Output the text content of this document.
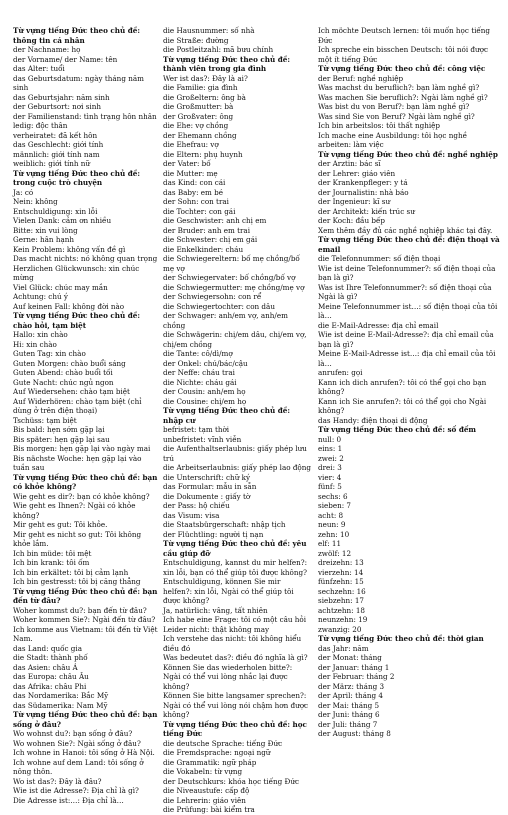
Từ vựng tiếng Đức theo chủ đề: thông tin cá nhân
der Nachname: họ
der Vorname/ der Name: tên
das Alter: tuổi
das Geburtsdatum: ngày tháng năm sinh
das Geburtsjahr: năm sinh
der Geburtsort: nơi sinh
der Familienstand: tình trạng hôn nhân
ledig: độc thân
verheiratet: đã kết hôn
das Geschlecht: giới tính
männlich: giới tính nam
weiblich: giới tính nữ
Từ vựng tiếng Đức theo chủ đề: trong cuộc trò chuyện
Ja: có
Nein: không
Entschuldigung: xin lỗi
Vielen Dank: cảm ơn nhiều
Bitte: xin vui lòng
Gerne: hân hạnh
Kein Problem: không vấn đề gì
Das macht nichts: nó không quan trọng
Herzlichen Glückwunsch: xin chúc mừng
Viel Glück: chúc may mắn
Achtung: chú ý
Auf keinen Fall: không đời nào
Từ vựng tiếng Đức theo chủ đề: chào hỏi, tạm biệt
Hallo: xin chào
Hi: xin chào
Guten Tag: xin chào
Guten Morgen: chào buổi sáng
Guten Abend: chào buổi tối
Gute Nacht: chúc ngủ ngon
Auf Wiedersehen: chào tạm biệt
Auf Widerhören: chào tạm biệt (chỉ dùng ở trên điện thoại)
Tschüss: tạm biệt
Bis bald: hẹn sớm gặp lại
Bis später: hẹn gặp lại sau
Bis morgen: hẹn gặp lại vào ngày mai
Bis nächste Woche: hẹn gặp lại vào tuần sau
Từ vựng tiếng Đức theo chủ đề: bạn có khỏe không?
Wie geht es dir?: bạn có khỏe không?
Wie geht es Ihnen?: Ngài có khỏe không?
Mir geht es gut: Tôi khỏe.
Mir geht es nicht so gut: Tôi không khỏe lắm.
Ich bin müde: tôi mệt
Ich bin krank: tôi ốm
Ich bin erkältet: tôi bị cảm lạnh
Ich bin gestresst: tôi bị căng thẳng
Từ vựng tiếng Đức theo chủ đề: bạn đến từ đâu?
Woher kommst du?: bạn đến từ đâu?
Woher kommen Sie?: Ngài đến từ đâu?
Ich komme aus Vietnam: tôi đến từ Việt Nam.
das Land: quốc gia
die Stadt: thành phố
das Asien: châu Á
das Europa: châu Âu
das Afrika: châu Phi
das Nordamerika: Bắc Mỹ
das Südamerika: Nam Mỹ
Từ vựng tiếng Đức theo chủ đề: bạn sống ở đâu?
Wo wohnst du?: bạn sống ở đâu?
Wo wohnen Sie?: Ngài sống ở đâu?
Ich wohne in Hanoi: tôi sống ở Hà Nội.
Ich wohne auf dem Land: tôi sống ở nông thôn.
Wo ist das?: Đây là đâu?
Wie ist die Adresse?: Địa chỉ là gì?
Die Adresse ist:…: Địa chỉ là…
die Hausnummer: số nhà
die Straße: đường
die Postleitzahl: mã bưu chính
Từ vựng tiếng Đức theo chủ đề: thành viên trong gia đình
Wer ist das?: Đây là ai?
die Familie: gia đình
die Großeltern: ông bà
die Großmutter: bà
der Großvater: ông
die Ehe: vợ chồng
der Ehemann chồng
die Ehefrau: vợ
die Eltern: phụ huynh
der Vater: bố
die Mutter: mẹ
das Kind: con cái
das Baby: em bé
der Sohn: con trai
die Tochter: con gái
die Geschwister: anh chị em
der Bruder: anh em trai
die Schwester: chị em gái
die Enkelkinder: cháu
die Schwiegereltern: bố mẹ chồng/bố mẹ vợ
der Schwiegervater: bố chồng/bố vợ
die Schwiegermutter: mẹ chồng/mẹ vợ
der Schwiegersohn: con rể
die Schwiegertochter: con dâu
der Schwager: anh/em vợ, anh/em chồng
die Schwägerin: chị/em dâu, chị/em vợ, chị/em chồng
die Tante: cô/dì/mợ
der Onkel: chú/bác/cậu
der Neffe: cháu trai
die Nichte: cháu gái
der Cousin: anh/em họ
die Cousine: chị/em họ
Từ vựng tiếng Đức theo chủ đề: nhập cư
befristet: tạm thời
unbefristet: vĩnh viễn
die Aufenthaltserlaubnis: giấy phép lưu trú
die Arbeitserlaubnis: giấy phép lao động
die Unterschrift: chữ ký
das Formular: mẫu in sẵn
die Dokumente : giấy tờ
der Pass: hộ chiếu
das Visum: visa
die Staatsbürgerschaft: nhập tịch
der Flüchtling: người tị nạn
Từ vựng tiếng Đức theo chủ đề: yêu cầu giúp đỡ
Entschuldigung, kannst du mir helfen?: xin lỗi, bạn có thể giúp tôi được không?
Entschuldigung, können Sie mir helfen?: xin lỗi, Ngài có thể giúp tôi được không?
Ja, natürlich: vâng, tất nhiên
Ich habe eine Frage: tôi có một câu hỏi
Leider nicht: thật không may
Ich verstehe das nicht: tôi không hiểu điều đó
Was bedeutet das?: điều đó nghĩa là gì?
Können Sie das wiederholen bitte?: Ngài có thể vui lòng nhắc lại được không?
Können Sie bitte langsamer sprechen?: Ngài có thể vui lòng nói chậm hơn được không?
Từ vựng tiếng Đức theo chủ đề: học tiếng Đức
die deutsche Sprache: tiếng Đức
die Fremdsprache: ngoại ngữ
die Grammatik: ngữ pháp
die Vokabeln: từ vựng
der Deutschkurs: khóa học tiếng Đức
die Niveaustufe: cấp độ
die Lehrerin: giáo viên
die Prüfung: bài kiểm tra
Ich möchte Deutsch lernen: tôi muốn học tiếng Đức
Ich spreche ein bisschen Deutsch: tôi nói được một ít tiếng Đức
Từ vựng tiếng Đức theo chủ đề: công việc
der Beruf: nghề nghiệp
Was machst du beruflich?: bạn làm nghề gì?
Was machen Sie beruflich?: Ngài làm nghề gì?
Was bist du von Beruf?: bạn làm nghề gì?
Was sind Sie von Beruf? Ngài làm nghề gì?
Ich bin arbeitslos: tôi thất nghiệp
Ich mache eine Ausbildung: tôi học nghề
arbeiten: làm việc
Từ vựng tiếng Đức theo chủ đề: nghề nghiệp
der Arztin: bác sĩ
der Lehrer: giáo viên
der Krankenpfleger: y tá
der Journalistin: nhà báo
der Ingenieur: kĩ sư
der Architekt: kiến trúc sư
der Koch: đầu bếp
Xem thêm đầy đủ các nghề nghiệp khác tại đây.
Từ vựng tiếng Đức theo chủ đề: điện thoại và email
die Telefonnummer: số điện thoại
Wie ist deine Telefonnummer?: số điện thoại của bạn là gì?
Was ist Ihre Telefonnummer?: số điện thoại của Ngài là gì?
Meine Telefonnummer ist…: số điện thoại của tôi là…
die E-Mail-Adresse: địa chỉ email
Wie ist deine E-Mail-Adresse?: địa chỉ email của bạn là gì?
Meine E-Mail-Adresse ist…: địa chỉ email của tôi là…
anrufen: gọi
Kann ich dich anrufen?: tôi có thể gọi cho bạn không?
Kann ich Sie anrufen?: tôi có thể gọi cho Ngài không?
das Handy: điện thoại di động
Từ vựng tiếng Đức theo chủ đề: số đếm
null: 0
eins: 1
zwei: 2
drei: 3
vier: 4
fünf: 5
sechs: 6
sieben: 7
acht: 8
neun: 9
zehn: 10
elf: 11
zwölf: 12
dreizehn: 13
vierzehn: 14
fünfzehn: 15
sechzehn: 16
siebzehn: 17
achtzehn: 18
neunzehn: 19
zwanzig: 20
Từ vựng tiếng Đức theo chủ đề: thời gian
das Jahr: năm
der Monat: tháng
der Januar: tháng 1
der Februar: tháng 2
der März: tháng 3
der April: tháng 4
der Mai: tháng 5
der Juni: tháng 6
der Juli: tháng 7
der August: tháng 8
